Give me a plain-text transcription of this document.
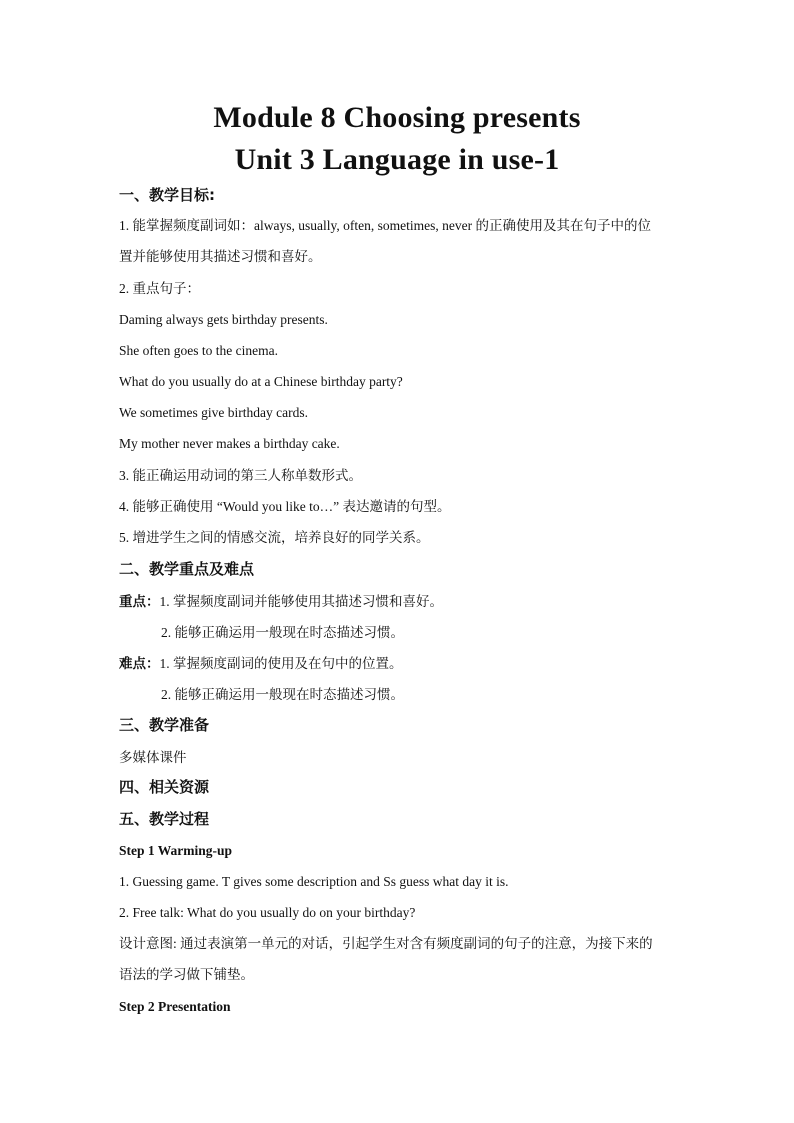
Module 8 Choosing presents
Unit 3 Language in use-1
一、教学目标:
1. 能掌握频度副词如：always, usually, often, sometimes, never 的正确使用及其在句子中的位
置并能够使用其描述习惯和喜好。
2. 重点句子：
Daming always gets birthday presents.
She often goes to the cinema.
What do you usually do at a Chinese birthday party?
We sometimes give birthday cards.
My mother never makes a birthday cake.
3. 能正确运用动词的第三人称单数形式。
4. 能够正确使用 “Would you like to…” 表达邀请的句型。
5. 增进学生之间的情感交流，培养良好的同学关系。
二、教学重点及难点
重点：1. 掌握频度副词并能够使用其描述习惯和喜好。
2. 能够正确运用一般现在时态描述习惯。
难点：1. 掌握频度副词的使用及在句中的位置。
2. 能够正确运用一般现在时态描述习惯。
三、教学准备
多媒体课件
四、相关资源
五、教学过程
Step 1 Warming-up
1. Guessing game. T gives some description and Ss guess what day it is.
2. Free talk: What do you usually do on your birthday?
设计意图: 通过表演第一单元的对话，引起学生对含有频度副词的句子的注意，为接下来的
语法的学习做下铺垫。
Step 2 Presentation
